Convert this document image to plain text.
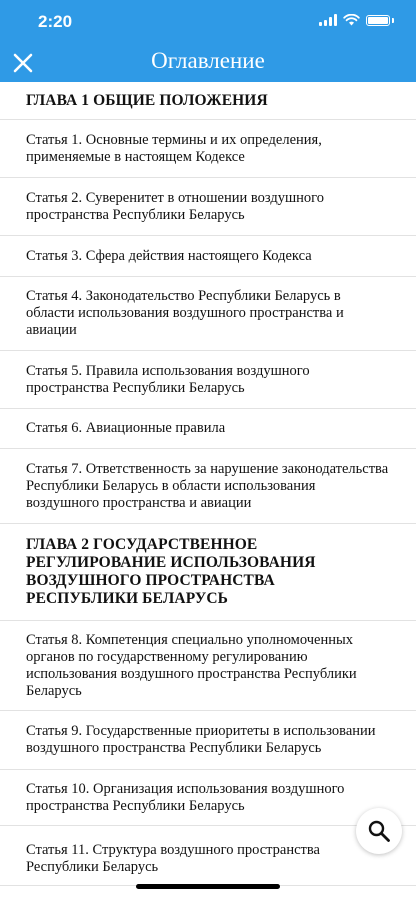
2:20
Оглавление
ГЛАВА 1 ОБЩИЕ ПОЛОЖЕНИЯ
Статья 1. Основные термины и их определения, применяемые в настоящем Кодексе
Статья 2. Суверенитет в отношении воздушного пространства Республики Беларусь
Статья 3. Сфера действия настоящего Кодекса
Статья 4. Законодательство Республики Беларусь в области использования воздушного пространства и авиации
Статья 5. Правила использования воздушного пространства Республики Беларусь
Статья 6. Авиационные правила
Статья 7. Ответственность за нарушение законодательства Республики Беларусь в области использования воздушного пространства и авиации
ГЛАВА 2 ГОСУДАРСТВЕННОЕ РЕГУЛИРОВАНИЕ ИСПОЛЬЗОВАНИЯ ВОЗДУШНОГО ПРОСТРАНСТВА РЕСПУБЛИКИ БЕЛАРУСЬ
Статья 8. Компетенция специально уполномоченных органов по государственному регулированию использования воздушного пространства Республики Беларусь
Статья 9. Государственные приоритеты в использовании воздушного пространства Республики Беларусь
Статья 10. Организация использования воздушного пространства Республики Беларусь
Статья 11. Структура воздушного пространства Республики Беларусь
